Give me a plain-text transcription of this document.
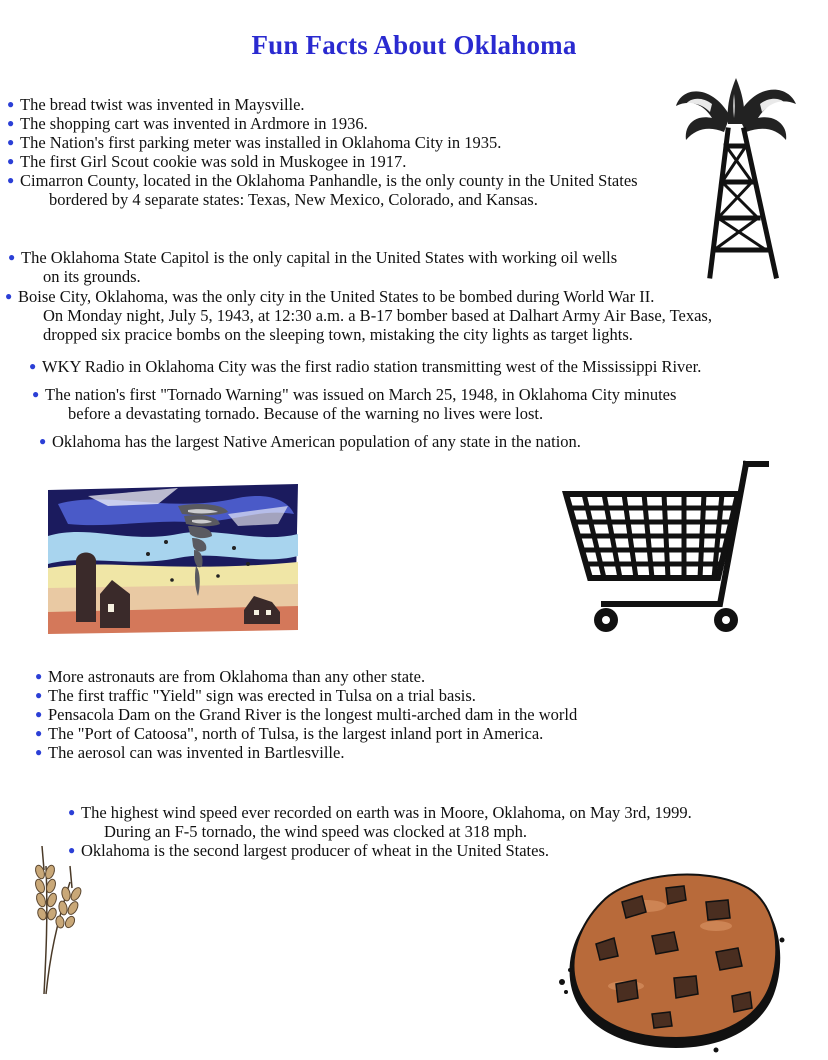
Fun Facts About Oklahoma
● The bread twist was invented in Maysville.
● The shopping cart was invented in Ardmore in 1936.
● The Nation's first parking meter was installed in Oklahoma City in 1935.
● The first Girl Scout cookie was sold in Muskogee in 1917.
● Cimarron County, located in the Oklahoma Panhandle, is the only county in the United States
bordered by 4 separate states: Texas, New Mexico, Colorado, and Kansas.
● The Oklahoma State Capitol is the only capital in the United States with working oil wells
on its grounds.
● Boise City, Oklahoma, was the only city in the United States to be bombed during World War II.
On Monday night, July 5, 1943, at 12:30 a.m. a B-17 bomber based at Dalhart Army Air Base, Texas,
dropped six pracice bombs on the sleeping town, mistaking the city lights as target lights.
● WKY Radio in Oklahoma City was the first radio station transmitting west of the Mississippi River.
● The nation's first "Tornado Warning" was issued on March 25, 1948, in Oklahoma City minutes
before a devastating tornado. Because of the warning no lives were lost.
● Oklahoma has the largest Native American population of any state in the nation.
● More astronauts are from Oklahoma than any other state.
● The first traffic "Yield" sign was erected in Tulsa on a trial basis.
● Pensacola Dam on the Grand River is the longest multi-arched dam in the world
● The "Port of Catoosa", north of Tulsa, is the largest inland port in America.
● The aerosol can was invented in Bartlesville.
● The highest wind speed ever recorded on earth was in Moore, Oklahoma, on May 3rd, 1999.
During an F-5 tornado, the wind speed was clocked at 318 mph.
● Oklahoma is the second largest producer of wheat in the United States.
